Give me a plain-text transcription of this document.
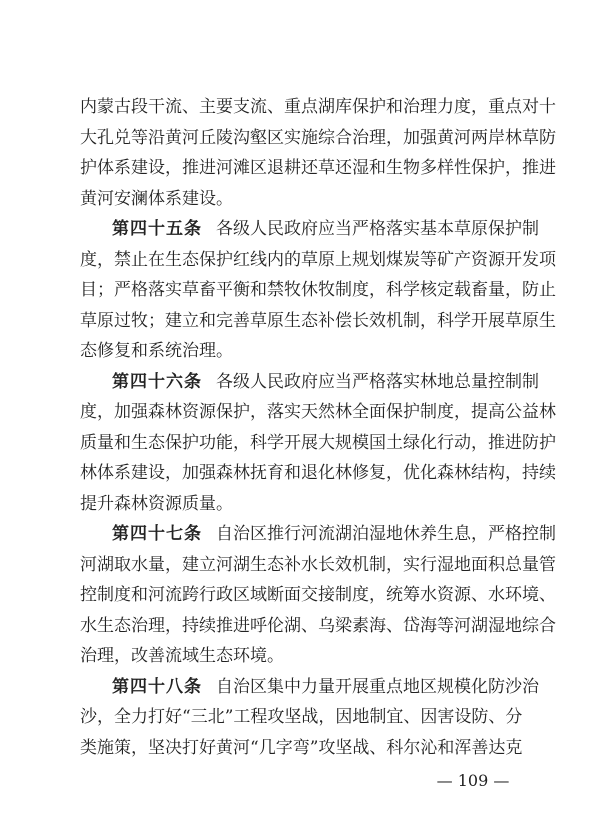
内蒙古段干流、主要支流、重点湖库保护和治理力度，重点对十
大孔兑等沿黄河丘陵沟壑区实施综合治理，加强黄河两岸林草防
护体系建设，推进河滩区退耕还草还湿和生物多样性保护，推进
黄河安澜体系建设。
第四十五条 各级人民政府应当严格落实基本草原保护制
度，禁止在生态保护红线内的草原上规划煤炭等矿产资源开发项
目；严格落实草畜平衡和禁牧休牧制度，科学核定载畜量，防止
草原过牧；建立和完善草原生态补偿长效机制，科学开展草原生
态修复和系统治理。
第四十六条 各级人民政府应当严格落实林地总量控制制
度，加强森林资源保护，落实天然林全面保护制度，提高公益林
质量和生态保护功能，科学开展大规模国土绿化行动，推进防护
林体系建设，加强森林抚育和退化林修复，优化森林结构，持续
提升森林资源质量。
第四十七条 自治区推行河流湖泊湿地休养生息，严格控制
河湖取水量，建立河湖生态补水长效机制，实行湿地面积总量管
控制度和河流跨行政区域断面交接制度，统筹水资源、水环境、
水生态治理，持续推进呼伦湖、乌梁素海、岱海等河湖湿地综合
治理，改善流域生态环境。
第四十八条 自治区集中力量开展重点地区规模化防沙治
沙，全力打好“三北”工程攻坚战，因地制宜、因害设防、分
类施策，坚决打好黄河“几字弯”攻坚战、科尔沁和浑善达克
— 109 —
